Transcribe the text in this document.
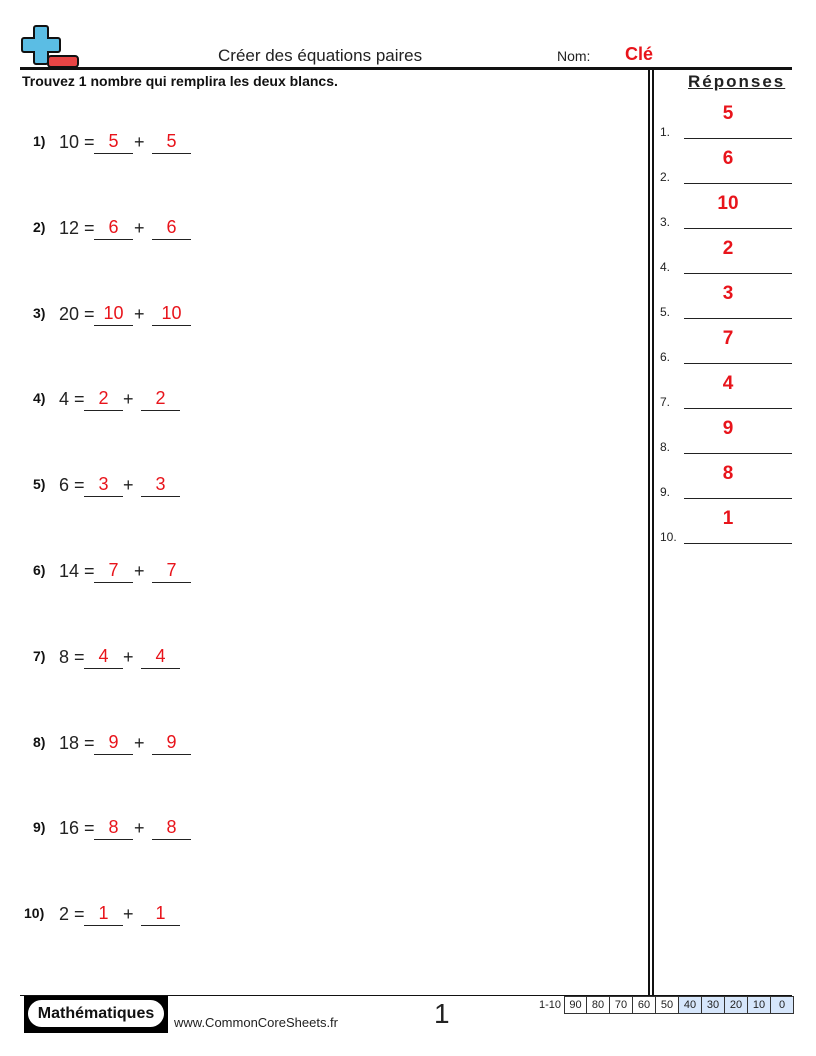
Créer des équations paires	Nom: Clé
Trouvez 1 nombre qui remplira les deux blancs.	Réponses
1) 10 = 5 +	5
2) 12 = 6 +	6
3) 20 = 10 + 10
4) 4 = 2 +	2
5) 6 = 3 +	3
6) 14 = 7 +	7
7) 8 = 4 +	4
8) 18 = 9 +	9
9) 16 = 8 +	8
10) 2 = 1 +	1
1.
5
2.
6
3.
10
4.
2
5.
3
6.
7
7.
4
8.
9
9.
8
10.
1
Mathématiques
www.CommonCoreSheets.fr	1	1-10 90 80 70 60 50 40 30 20 10	0
